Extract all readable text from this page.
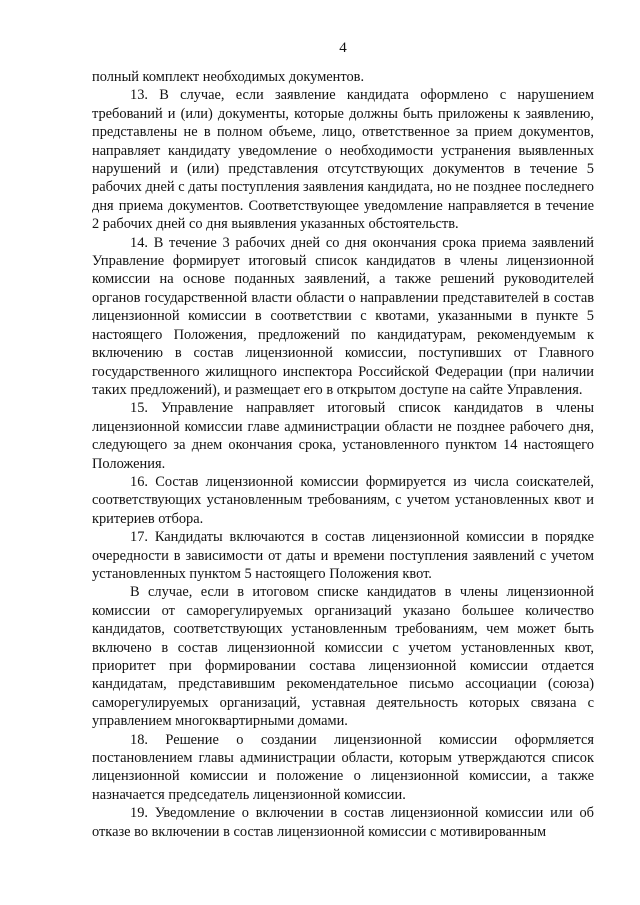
4

полный комплект необходимых документов.

13. В случае, если заявление кандидата оформлено с нарушением требований и (или) документы, которые должны быть приложены к заявлению, представлены не в полном объеме, лицо, ответственное за прием документов, направляет кандидату уведомление о необходимости устранения выявленных нарушений и (или) представления отсутствующих документов в течение 5 рабочих дней с даты поступления заявления кандидата, но не позднее последнего дня приема документов. Соответствующее уведомление направляется в течение 2 рабочих дней со дня выявления указанных обстоятельств.

14. В течение 3 рабочих дней со дня окончания срока приема заявлений Управление формирует итоговый список кандидатов в члены лицензионной комиссии на основе поданных заявлений, а также решений руководителей органов государственной власти области о направлении представителей в состав лицензионной комиссии в соответствии с квотами, указанными в пункте 5 настоящего Положения, предложений по кандидатурам, рекомендуемым к включению в состав лицензионной комиссии, поступивших от Главного государственного жилищного инспектора Российской Федерации (при наличии таких предложений), и размещает его в открытом доступе на сайте Управления.

15. Управление направляет итоговый список кандидатов в члены лицензионной комиссии главе администрации области не позднее рабочего дня, следующего за днем окончания срока, установленного пунктом 14 настоящего Положения.

16. Состав лицензионной комиссии формируется из числа соискателей, соответствующих установленным требованиям, с учетом установленных квот и критериев отбора.

17. Кандидаты включаются в состав лицензионной комиссии в порядке очередности в зависимости от даты и времени поступления заявлений с учетом установленных пунктом 5 настоящего Положения квот.

В случае, если в итоговом списке кандидатов в члены лицензионной комиссии от саморегулируемых организаций указано большее количество кандидатов, соответствующих установленным требованиям, чем может быть включено в состав лицензионной комиссии с учетом установленных квот, приоритет при формировании состава лицензионной комиссии отдается кандидатам, представившим рекомендательное письмо ассоциации (союза) саморегулируемых организаций, уставная деятельность которых связана с управлением многоквартирными домами.

18. Решение о создании лицензионной комиссии оформляется постановлением главы администрации области, которым утверждаются список лицензионной комиссии и положение о лицензионной комиссии, а также назначается председатель лицензионной комиссии.

19. Уведомление о включении в состав лицензионной комиссии или об отказе во включении в состав лицензионной комиссии с мотивированным
